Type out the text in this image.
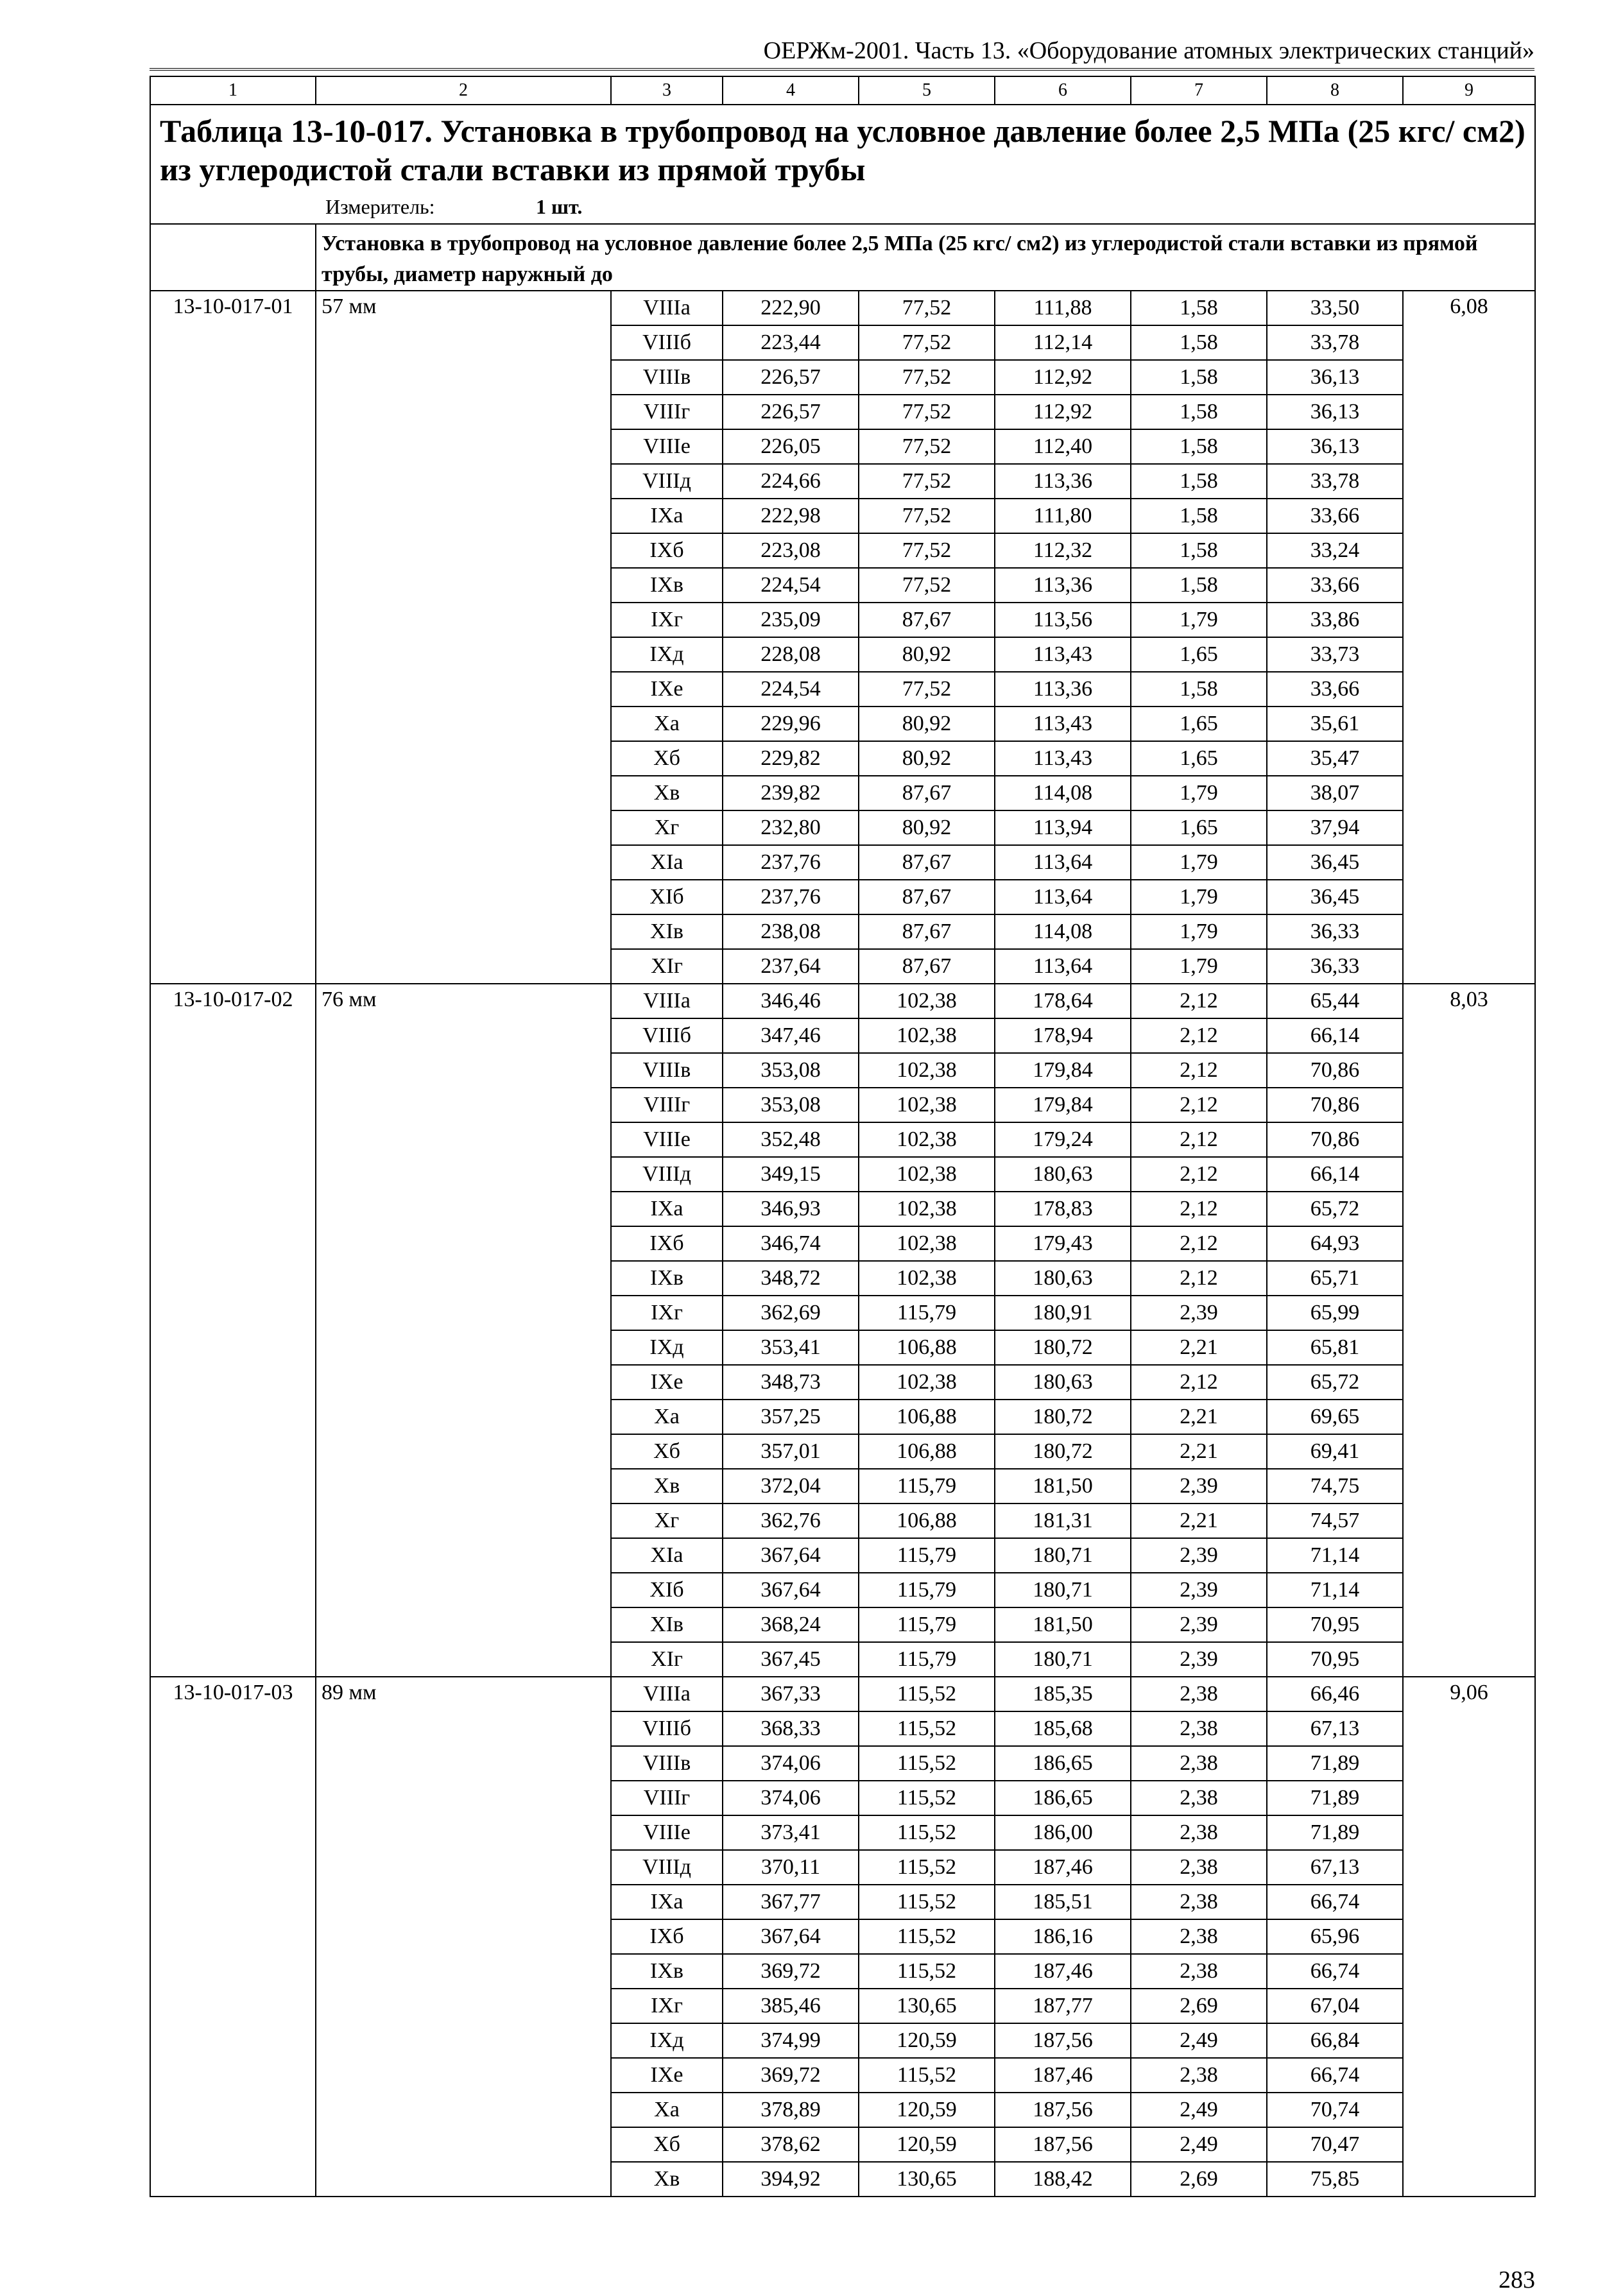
ОЕРЖм-2001. Часть 13. «Оборудование атомных электрических станций»
1	2	3	4	5	6	7	8	9

Таблица 13-10-017. Установка в трубопровод на условное давление более 2,5 МПа (25 кгс/ см2) из углеродистой стали вставки из прямой трубы
Измеритель: 1 шт.								

	Установка в трубопровод на условное давление более 2,5 МПа (25 кгс/ см2) из углеродистой стали вставки из прямой трубы, диаметр наружный до							
13-10-017-01	57 мм	VIIIа	222,90	77,52	111,88	1,58	33,50	6,08
		VIIIб	223,44	77,52	112,14	1,58	33,78	
		VIIIв	226,57	77,52	112,92	1,58	36,13	
		VIIIг	226,57	77,52	112,92	1,58	36,13	
		VIIIе	226,05	77,52	112,40	1,58	36,13	
		VIIIд	224,66	77,52	113,36	1,58	33,78	
		IXа	222,98	77,52	111,80	1,58	33,66	
		IXб	223,08	77,52	112,32	1,58	33,24	
		IXв	224,54	77,52	113,36	1,58	33,66	
		IXг	235,09	87,67	113,56	1,79	33,86	
		IXд	228,08	80,92	113,43	1,65	33,73	
		IXе	224,54	77,52	113,36	1,58	33,66	
		Xа	229,96	80,92	113,43	1,65	35,61	
		Xб	229,82	80,92	113,43	1,65	35,47	
		Xв	239,82	87,67	114,08	1,79	38,07	
		Xг	232,80	80,92	113,94	1,65	37,94	
		XIа	237,76	87,67	113,64	1,79	36,45	
		XIб	237,76	87,67	113,64	1,79	36,45	
		XIв	238,08	87,67	114,08	1,79	36,33	
		XIг	237,64	87,67	113,64	1,79	36,33	
13-10-017-02	76 мм	VIIIа	346,46	102,38	178,64	2,12	65,44	8,03
		VIIIб	347,46	102,38	178,94	2,12	66,14	
		VIIIв	353,08	102,38	179,84	2,12	70,86	
		VIIIг	353,08	102,38	179,84	2,12	70,86	
		VIIIе	352,48	102,38	179,24	2,12	70,86	
		VIIIд	349,15	102,38	180,63	2,12	66,14	
		IXа	346,93	102,38	178,83	2,12	65,72	
		IXб	346,74	102,38	179,43	2,12	64,93	
		IXв	348,72	102,38	180,63	2,12	65,71	
		IXг	362,69	115,79	180,91	2,39	65,99	
		IXд	353,41	106,88	180,72	2,21	65,81	
		IXе	348,73	102,38	180,63	2,12	65,72	
		Xа	357,25	106,88	180,72	2,21	69,65	
		Xб	357,01	106,88	180,72	2,21	69,41	
		Xв	372,04	115,79	181,50	2,39	74,75	
		Xг	362,76	106,88	181,31	2,21	74,57	
		XIа	367,64	115,79	180,71	2,39	71,14	
		XIб	367,64	115,79	180,71	2,39	71,14	
		XIв	368,24	115,79	181,50	2,39	70,95	
		XIг	367,45	115,79	180,71	2,39	70,95	
13-10-017-03	89 мм	VIIIа	367,33	115,52	185,35	2,38	66,46	9,06
		VIIIб	368,33	115,52	185,68	2,38	67,13	
		VIIIв	374,06	115,52	186,65	2,38	71,89	
		VIIIг	374,06	115,52	186,65	2,38	71,89	
		VIIIе	373,41	115,52	186,00	2,38	71,89	
		VIIIд	370,11	115,52	187,46	2,38	67,13	
		IXа	367,77	115,52	185,51	2,38	66,74	
		IXб	367,64	115,52	186,16	2,38	65,96	
		IXв	369,72	115,52	187,46	2,38	66,74	
		IXг	385,46	130,65	187,77	2,69	67,04	
		IXд	374,99	120,59	187,56	2,49	66,84	
		IXе	369,72	115,52	187,46	2,38	66,74	
		Xа	378,89	120,59	187,56	2,49	70,74	
		Xб	378,62	120,59	187,56	2,49	70,47	
		Xв	394,92	130,65	188,42	2,69	75,85	
283
